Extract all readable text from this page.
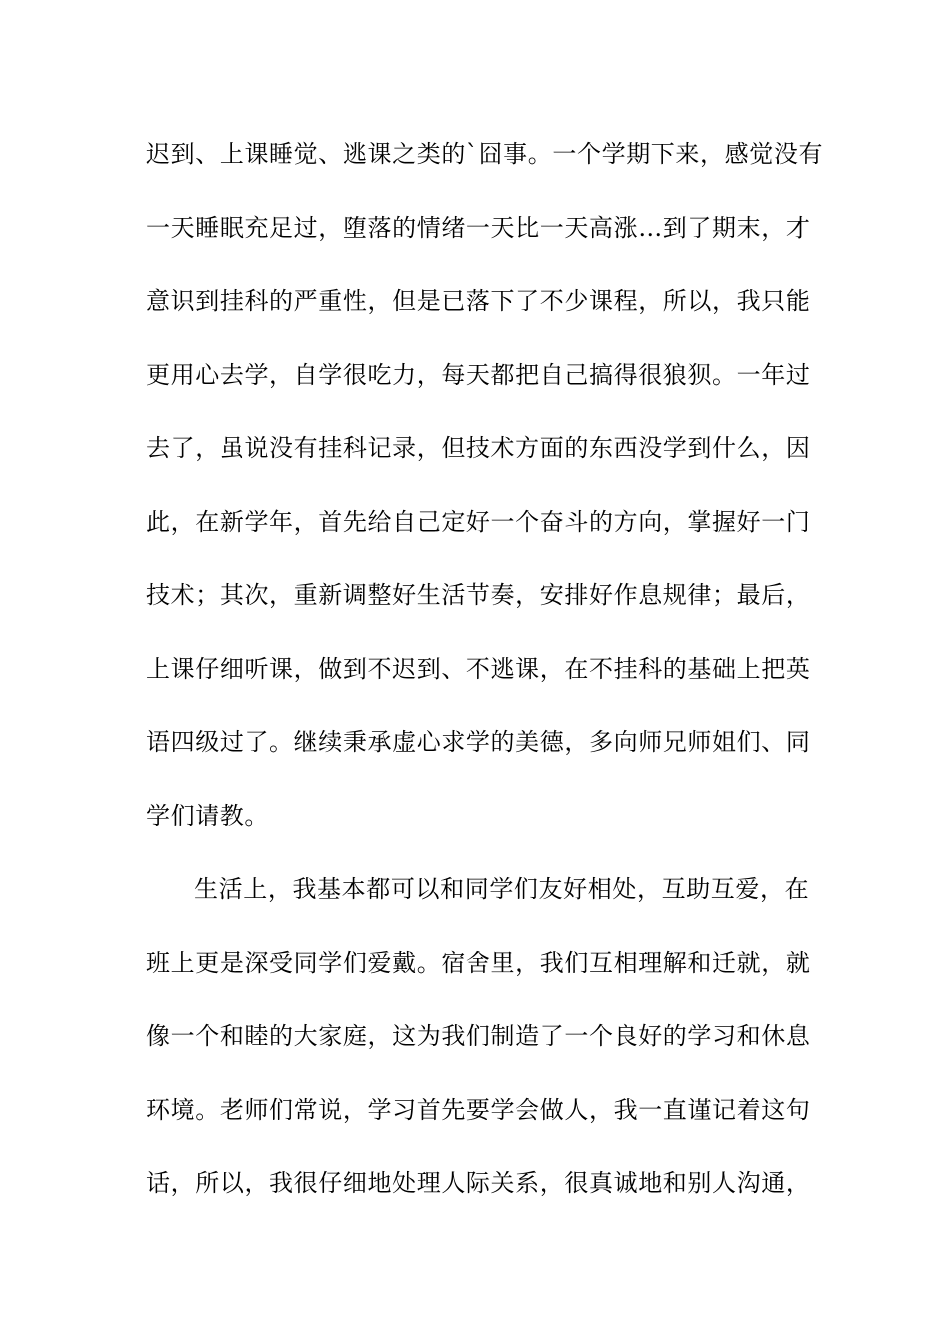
迟 到 、 上 课 睡 觉 、 逃 课 之 类 的 ` 囧 事 。 一 个 学 期 下 来 ， 感 觉 没 有
一 天 睡 眠 充 足 过 ， 堕 落 的 情 绪 一 天 比 一 天 高 涨 … 到 了 期 末 ， 才
意 识 到 挂 科 的 严 重 性 ， 但 是 已 落 下 了 不 少 课 程 ， 所 以 ， 我 只 能
更 用 心 去 学 ， 自 学 很 吃 力 ， 每 天 都 把 自 己 搞 得 很 狼 狈 。 一 年 过
去 了 ， 虽 说 没 有 挂 科 记 录 ， 但 技 术 方 面 的 东 西 没 学 到 什 么 ， 因
此 ， 在 新 学 年 ， 首 先 给 自 己 定 好 一 个 奋 斗 的 方 向 ， 掌 握 好 一 门
技 术 ； 其 次 ， 重 新 调 整 好 生 活 节 奏 ， 安 排 好 作 息 规 律 ； 最 后 ，
上 课 仔 细 听 课 ， 做 到 不 迟 到 、 不 逃 课 ， 在 不 挂 科 的 基 础 上 把 英
语 四 级 过 了 。 继 续 秉 承 虚 心 求 学 的 美 德 ， 多 向 师 兄 师 姐 们 、 同
学们请教。
生 活 上 ， 我 基 本 都 可 以 和 同 学 们 友 好 相 处 ， 互 助 互 爱 ， 在
班 上 更 是 深 受 同 学 们 爱 戴 。 宿 舍 里 ， 我 们 互 相 理 解 和 迁 就 ， 就
像 一 个 和 睦 的 大 家 庭 ， 这 为 我 们 制 造 了 一 个 良 好 的 学 习 和 休 息
环 境 。 老 师 们 常 说 ， 学 习 首 先 要 学 会 做 人 ， 我 一 直 谨 记 着 这 句
话 ， 所 以 ， 我 很 仔 细 地 处 理 人 际 关 系 ， 很 真 诚 地 和 别 人 沟 通 ，
